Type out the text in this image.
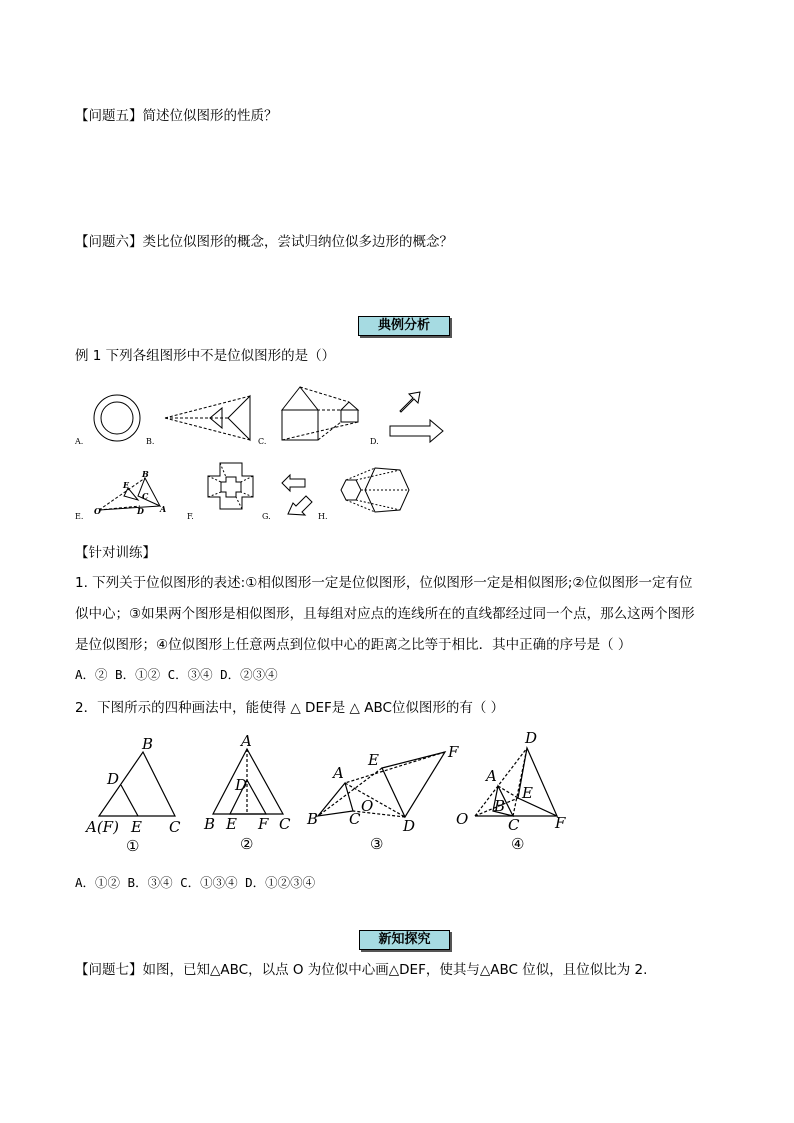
【问题五】简述位似图形的性质？
【问题六】类比位似图形的概念，尝试归纳位似多边形的概念？
典例分析
例 1 下列各组图形中不是位似图形的是（）
A.	B.	C.	D.
B
E
C
O	D A
E.	F.	G.	H.
【针对训练】
1. 下列关于位似图形的表述:①相似图形一定是位似图形，位似图形一定是相似图形;②位似图形一定有位
似中心；③如果两个图形是相似图形，且每组对应点的连线所在的直线都经过同一个点，那么这两个图形
是位似图形；④位似图形上任意两点到位似中心的距离之比等于相比．其中正确的序号是（ ）
A．② B．①② C．③④ D．②③④
2．下图所示的四种画法中，能使得 △ DEF是 △ ABC位似图形的有（ ）
B
D
A(F) E C
①
A
D
B E F C
②
E	F
A
O
B C	D
③
D
A
E
B
O	C F
④
A．①② B．③④ C．①③④ D．①②③④
新知探究
【问题七】如图，已知△ABC，以点 O 为位似中心画△DEF，使其与△ABC 位似，且位似比为 2.
